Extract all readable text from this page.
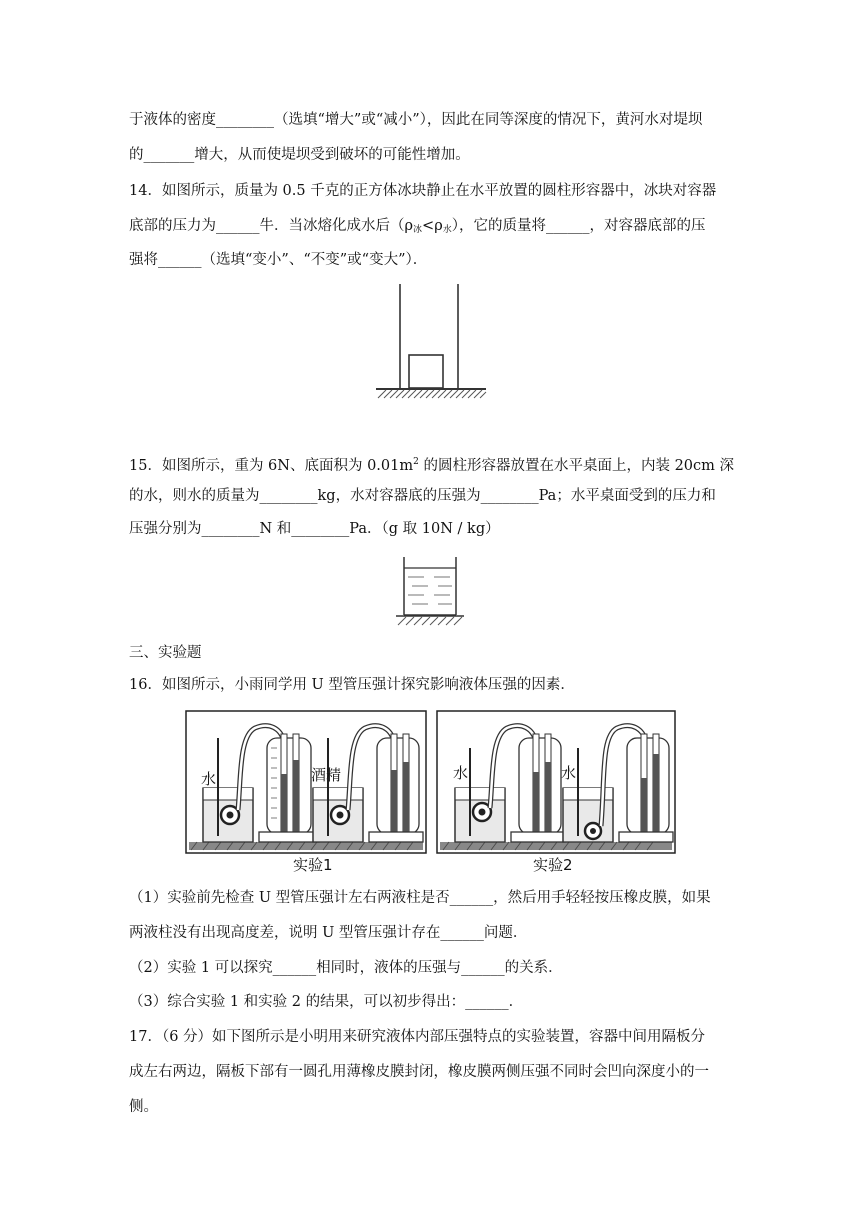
于液体的密度________（选填“增大”或“减小”），因此在同等深度的情况下，黄河水对堤坝
的_______增大，从而使堤坝受到破坏的可能性增加。
14．如图所示，质量为 0.5 千克的正方体冰块静止在水平放置的圆柱形容器中，冰块对容器
底部的压力为______牛．当冰熔化成水后$(\rho_冰<\rho_水)$，它的质量将______，对容器底部的压
强将______（选填“变小”、“不变”或“变大”）．
15．如图所示，重为 6N、底面积为 $0.01m^2$ 的圆柱形容器放置在水平桌面上，内装 20cm 深
的水，则水的质量为________kg，水对容器底的压强为________Pa；水平桌面受到的压力和
压强分别为________N 和________Pa．（g 取 10N / kg）
三、实验题
16．如图所示，小雨同学用 U 型管压强计探究影响液体压强的因素．
水	酒精	水	水
实验1	实验2
（1）实验前先检查 U 型管压强计左右两液柱是否______，然后用手轻轻按压橡皮膜，如果
两液柱没有出现高度差，说明 U 型管压强计存在______问题．
（2）实验 1 可以探究______相同时，液体的压强与______的关系．
（3）综合实验 1 和实验 2 的结果，可以初步得出：______．
17．（6 分）如下图所示是小明用来研究液体内部压强特点的实验装置，容器中间用隔板分
成左右两边，隔板下部有一圆孔用薄橡皮膜封闭，橡皮膜两侧压强不同时会凹向深度小的一
侧。
